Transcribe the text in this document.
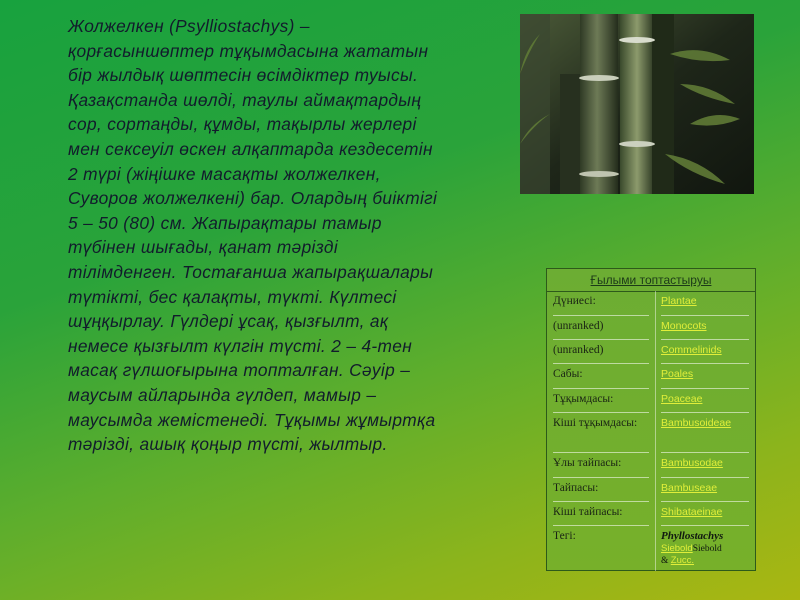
Жолжелкен (Psylliostachys) – қорғасыншөптер тұқымдасына жататын бір жылдық шөптесін өсімдіктер туысы. Қазақстанда шөлді, таулы аймақтардың сор, сортаңды, құмды, тақырлы жерлері мен сексеуіл өскен алқаптарда кездесетін 2 түрі (жіңішке масақты жолжелкен, Суворов жолжелкені) бар. Олардың биіктігі 5 – 50 (80) см. Жапырақтары тамыр түбінен шығады, қанат тәрізді тілімденген. Тостағанша жапырақшалары түтікті, бес қалақты, түкті. Күлтесі шұңқырлау. Гүлдері ұсақ, қызғылт, ақ немесе қызғылт күлгін түсті. 2 – 4-тен масақ гүлшоғырына топталған. Сәуір – маусым айларында гүлдеп, мамыр – маусымда жемістенеді. Тұқымы жұмыртқа тәрізді, ашық қоңыр түсті, жылтыр.

Ғылыми топтастыруы
Дүниесі:	Plantae
(unranked)	Monocots
(unranked)	Commelinids
Сабы:	Poales
Тұқымдасы:	Poaceae
Кіші тұқымдасы:	Bambusoideae
Ұлы тайпасы:	Bambusodae
Тайпасы:	Bambuseae
Кіші тайпасы:	Shibataeinae
Тегі:	Phyllostachys
SieboldSiebold
& Zucc.
